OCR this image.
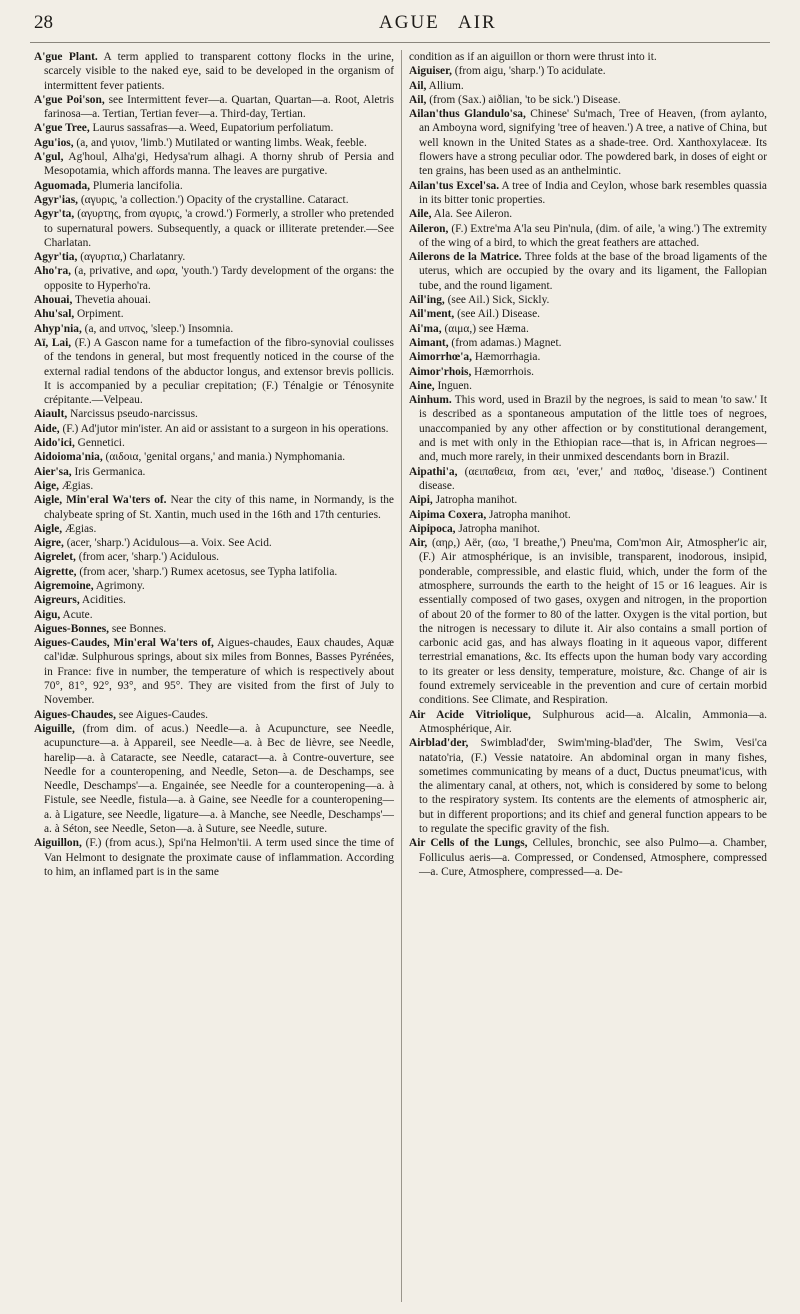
28	AGUE AIR

A'gue Plant. A term applied to transparent cottony flocks in the urine, scarcely visible to the naked eye, said to be developed in the organism of intermittent fever patients.

A'gue Poi'son, see Intermittent fever—a. Quartan, Quartan—a. Root, Aletris farinosa—a. Tertian, Tertian fever—a. Third-day, Tertian.

A'gue Tree, Laurus sassafras—a. Weed, Eupatorium perfoliatum.

Agu'ios, (a, and γυιον, 'limb.') Mutilated or wanting limbs. Weak, feeble.

A'gul, Ag'houl, Alha'gi, Hedysa'rum alhagi. A thorny shrub of Persia and Mesopotamia, which affords manna. The leaves are purgative.

Aguomada, Plumeria lancifolia.

Agyr'ias, (αγυρις, 'a collection.') Opacity of the crystalline. Cataract.

Agyr'ta, (αγυρτης, from αγυρις, 'a crowd.') Formerly, a stroller who pretended to supernatural powers. Subsequently, a quack or illiterate pretender.—See Charlatan.

Agyr'tia, (αγυρτια,) Charlatanry.

Aho'ra, (a, privative, and ωρα, 'youth.') Tardy development of the organs: the opposite to Hyperho'ra.

Ahouai, Thevetia ahouai.

Ahu'sal, Orpiment.

Ahyp'nia, (a, and υπνος, 'sleep.') Insomnia.

Aï, Lai, (F.) A Gascon name for a tumefaction of the fibro-synovial coulisses of the tendons in general, but most frequently noticed in the course of the external radial tendons of the abductor longus, and extensor brevis pollicis. It is accompanied by a peculiar crepitation; (F.) Ténalgie or Ténosynite crépitante.—Velpeau.

Aiault, Narcissus pseudo-narcissus.

Aide, (F.) Ad'jutor min'ister. An aid or assistant to a surgeon in his operations.

Aido'ici, Gennetici.

Aidoioma'nia, (αιδοια, 'genital organs,' and mania.) Nymphomania.

Aier'sa, Iris Germanica.

Aige, Ægias.

Aigle, Min'eral Wa'ters of. Near the city of this name, in Normandy, is the chalybeate spring of St. Xantin, much used in the 16th and 17th centuries.

Aigle, Ægias.

Aigre, (acer, 'sharp.') Acidulous—a. Voix. See Acid.

Aigrelet, (from acer, 'sharp.') Acidulous.

Aigrette, (from acer, 'sharp.') Rumex acetosus, see Typha latifolia.

Aigremoine, Agrimony.

Aigreurs, Acidities.

Aigu, Acute.

Aigues-Bonnes, see Bonnes.

Aigues-Caudes, Min'eral Wa'ters of, Aigues-chaudes, Eaux chaudes, Aquæ cal'idæ. Sulphurous springs, about six miles from Bonnes, Basses Pyrénées, in France: five in number, the temperature of which is respectively about 70°, 81°, 92°, 93°, and 95°. They are visited from the first of July to November.

Aigues-Chaudes, see Aigues-Caudes.

Aiguille, (from dim. of acus.) Needle—a. à Acupuncture, see Needle, acupuncture—a. à Appareil, see Needle—a. à Bec de lièvre, see Needle, harelip—a. à Cataracte, see Needle, cataract—a. à Contre-ouverture, see Needle for a counteropening, and Needle, Seton—a. de Deschamps, see Needle, Deschamps'—a. Engainée, see Needle for a counteropening—a. à Fistule, see Needle, fistula—a. à Gaine, see Needle for a counteropening—a. à Ligature, see Needle, ligature—a. à Manche, see Needle, Deschamps'—a. à Séton, see Needle, Seton—a. à Suture, see Needle, suture.

Aiguillon, (F.) (from acus.), Spi'na Helmon'tii. A term used since the time of Van Helmont to designate the proximate cause of inflammation. According to him, an inflamed part is in the same

condition as if an aiguillon or thorn were thrust into it.

Aiguiser, (from aigu, 'sharp.') To acidulate.

Ail, Allium.

Ail, (from (Sax.) aiðlian, 'to be sick.') Disease.

Ailan'thus Glandulo'sa, Chinese' Su'mach, Tree of Heaven, (from aylanto, an Amboyna word, signifying 'tree of heaven.') A tree, a native of China, but well known in the United States as a shade-tree. Ord. Xanthoxylaceæ. Its flowers have a strong peculiar odor. The powdered bark, in doses of eight or ten grains, has been used as an anthelmintic.

Ailan'tus Excel'sa. A tree of India and Ceylon, whose bark resembles quassia in its bitter tonic properties.

Aile, Ala. See Aileron.

Aileron, (F.) Extre'ma A'la seu Pin'nula, (dim. of aile, 'a wing.') The extremity of the wing of a bird, to which the great feathers are attached.

Ailerons de la Matrice. Three folds at the base of the broad ligaments of the uterus, which are occupied by the ovary and its ligament, the Fallopian tube, and the round ligament.

Ail'ing, (see Ail.) Sick, Sickly.

Ail'ment, (see Ail.) Disease.

Ai'ma, (αιμα,) see Hæma.

Aimant, (from adamas.) Magnet.

Aimorrhœ'a, Hæmorrhagia.

Aimor'rhois, Hæmorrhois.

Aine, Inguen.

Ainhum. This word, used in Brazil by the negroes, is said to mean 'to saw.' It is described as a spontaneous amputation of the little toes of negroes, unaccompanied by any other affection or by constitutional derangement, and is met with only in the Ethiopian race—that is, in African negroes—and, much more rarely, in their unmixed descendants born in Brazil.

Aipathi'a, (αειπαθεια, from αει, 'ever,' and παθος, 'disease.') Continent disease.

Aipi, Jatropha manihot.

Aipima Coxera, Jatropha manihot.

Aipipoca, Jatropha manihot.

Air, (αηρ,) Aër, (αω, 'I breathe,') Pneu'ma, Com'mon Air, Atmospher'ic air, (F.) Air atmosphérique, is an invisible, transparent, inodorous, insipid, ponderable, compressible, and elastic fluid, which, under the form of the atmosphere, surrounds the earth to the height of 15 or 16 leagues. Air is essentially composed of two gases, oxygen and nitrogen, in the proportion of about 20 of the former to 80 of the latter. Oxygen is the vital portion, but the nitrogen is necessary to dilute it. Air also contains a small portion of carbonic acid gas, and has always floating in it aqueous vapor, different terrestrial emanations, &c. Its effects upon the human body vary according to its greater or less density, temperature, moisture, &c. Change of air is found extremely serviceable in the prevention and cure of certain morbid conditions. See Climate, and Respiration.

Air Acide Vitriolique, Sulphurous acid—a. Alcalin, Ammonia—a. Atmosphérique, Air.

Airblad'der, Swimblad'der, Swim'ming-blad'der, The Swim, Vesi'ca natato'ria, (F.) Vessie natatoire. An abdominal organ in many fishes, sometimes communicating by means of a duct, Ductus pneumat'icus, with the alimentary canal, at others, not, which is considered by some to belong to the respiratory system. Its contents are the elements of atmospheric air, but in different proportions; and its chief and general function appears to be to regulate the specific gravity of the fish.

Air Cells of the Lungs, Cellules, bronchic, see also Pulmo—a. Chamber, Folliculus aeris—a. Compressed, or Condensed, Atmosphere, compressed—a. Cure, Atmosphere, compressed—a. De-
